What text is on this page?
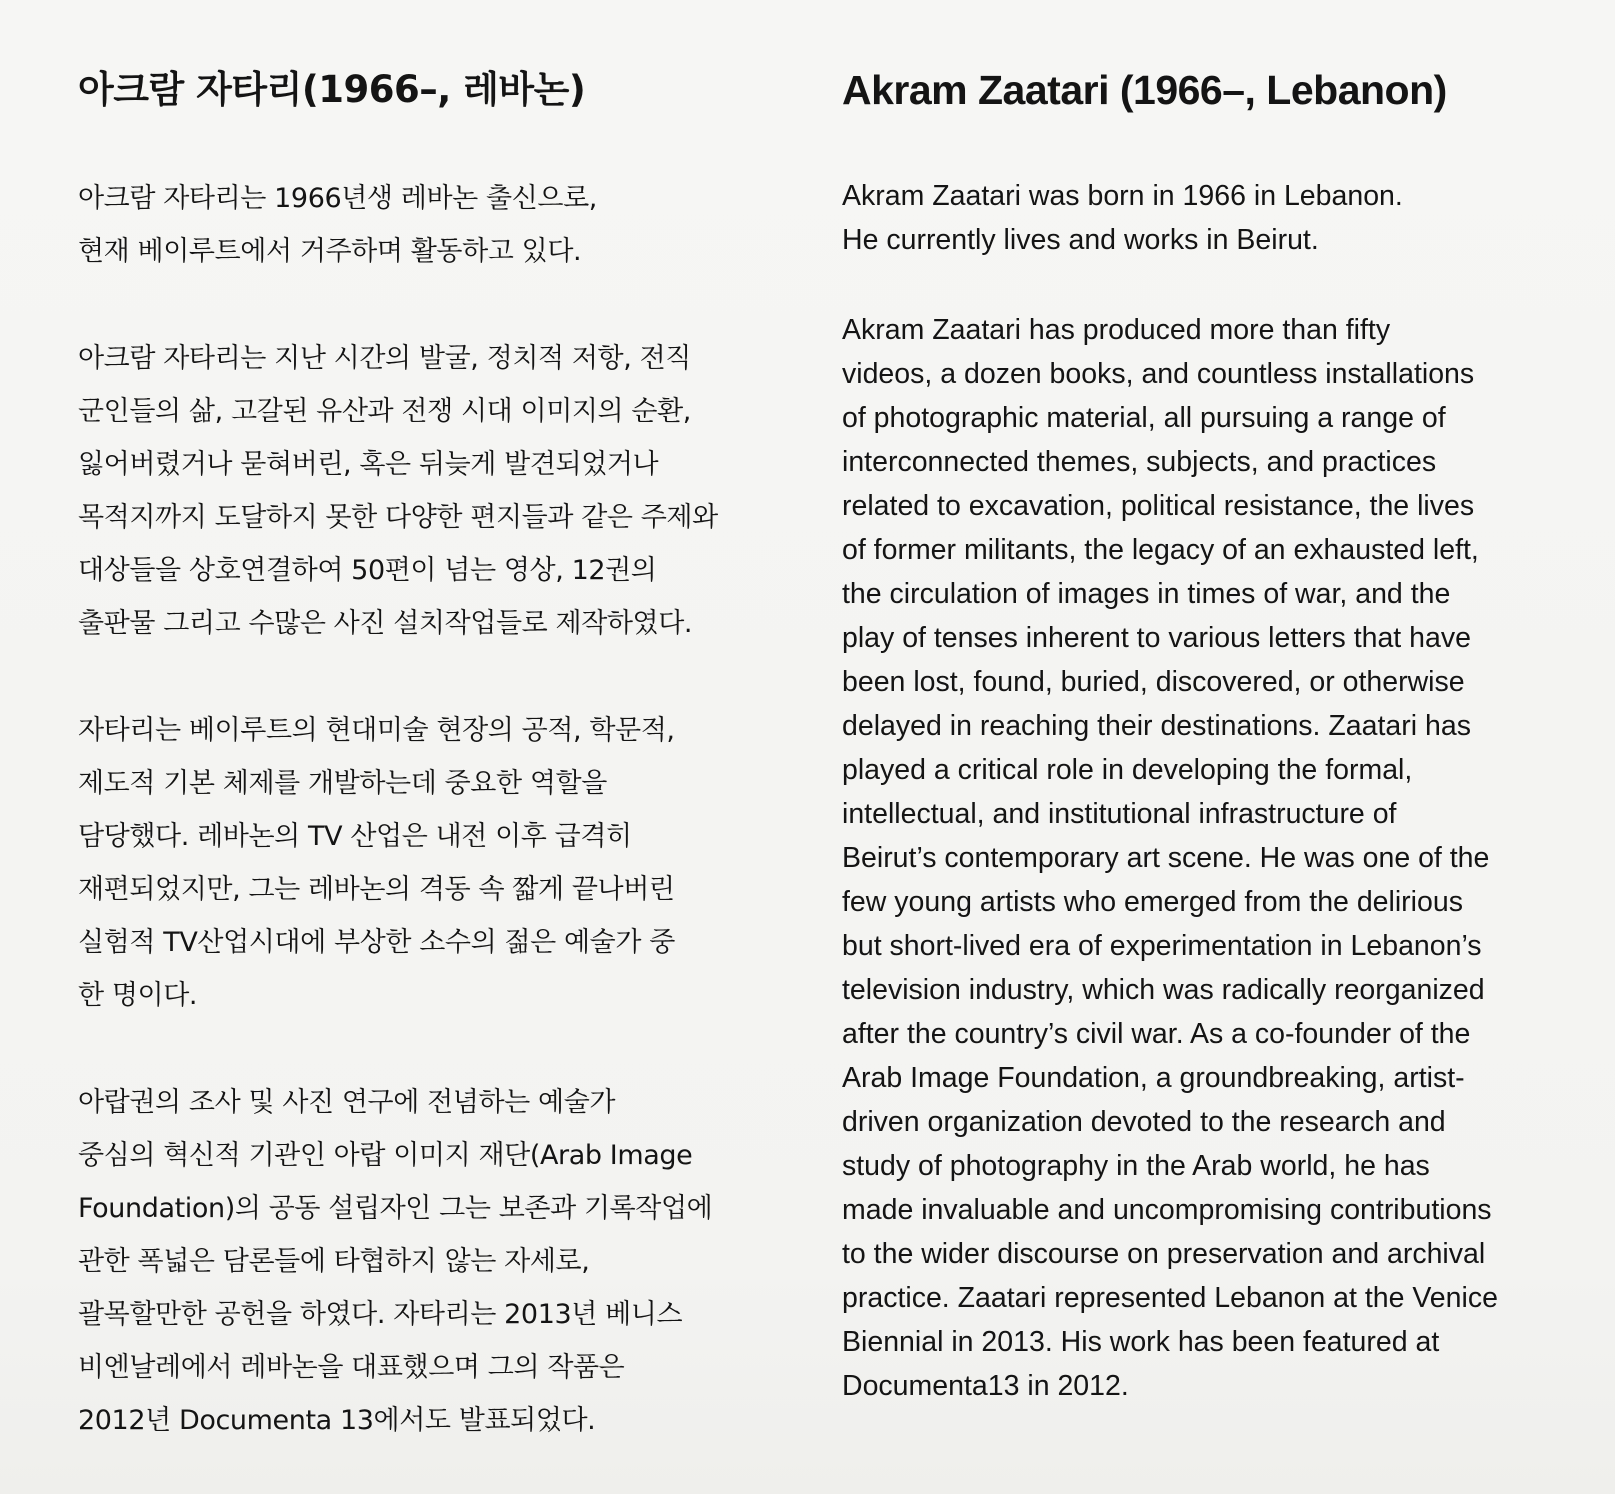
아크람 자타리(1966–, 레바논)

아크람 자타리는 1966년생 레바논 출신으로,
현재 베이루트에서 거주하며 활동하고 있다.

아크람 자타리는 지난 시간의 발굴, 정치적 저항, 전직
군인들의 삶, 고갈된 유산과 전쟁 시대 이미지의 순환,
잃어버렸거나 묻혀버린, 혹은 뒤늦게 발견되었거나
목적지까지 도달하지 못한 다양한 편지들과 같은 주제와
대상들을 상호연결하여 50편이 넘는 영상, 12권의
출판물 그리고 수많은 사진 설치작업들로 제작하였다.

자타리는 베이루트의 현대미술 현장의 공적, 학문적,
제도적 기본 체제를 개발하는데 중요한 역할을
담당했다. 레바논의 TV 산업은 내전 이후 급격히
재편되었지만, 그는 레바논의 격동 속 짧게 끝나버린
실험적 TV산업시대에 부상한 소수의 젊은 예술가 중
한 명이다.

아랍권의 조사 및 사진 연구에 전념하는 예술가
중심의 혁신적 기관인 아랍 이미지 재단(Arab Image
Foundation)의 공동 설립자인 그는 보존과 기록작업에
관한 폭넓은 담론들에 타협하지 않는 자세로,
괄목할만한 공헌을 하였다. 자타리는 2013년 베니스
비엔날레에서 레바논을 대표했으며 그의 작품은
2012년 Documenta 13에서도 발표되었다.

Akram Zaatari (1966–, Lebanon)

Akram Zaatari was born in 1966 in Lebanon.
He currently lives and works in Beirut.

Akram Zaatari has produced more than fifty
videos, a dozen books, and countless installations
of photographic material, all pursuing a range of
interconnected themes, subjects, and practices
related to excavation, political resistance, the lives
of former militants, the legacy of an exhausted left,
the circulation of images in times of war, and the
play of tenses inherent to various letters that have
been lost, found, buried, discovered, or otherwise
delayed in reaching their destinations. Zaatari has
played a critical role in developing the formal,
intellectual, and institutional infrastructure of
Beirut’s contemporary art scene. He was one of the
few young artists who emerged from the delirious
but short-lived era of experimentation in Lebanon’s
television industry, which was radically reorganized
after the country’s civil war. As a co-founder of the
Arab Image Foundation, a groundbreaking, artist-
driven organization devoted to the research and
study of photography in the Arab world, he has
made invaluable and uncompromising contributions
to the wider discourse on preservation and archival
practice. Zaatari represented Lebanon at the Venice
Biennial in 2013. His work has been featured at
Documenta13 in 2012.
